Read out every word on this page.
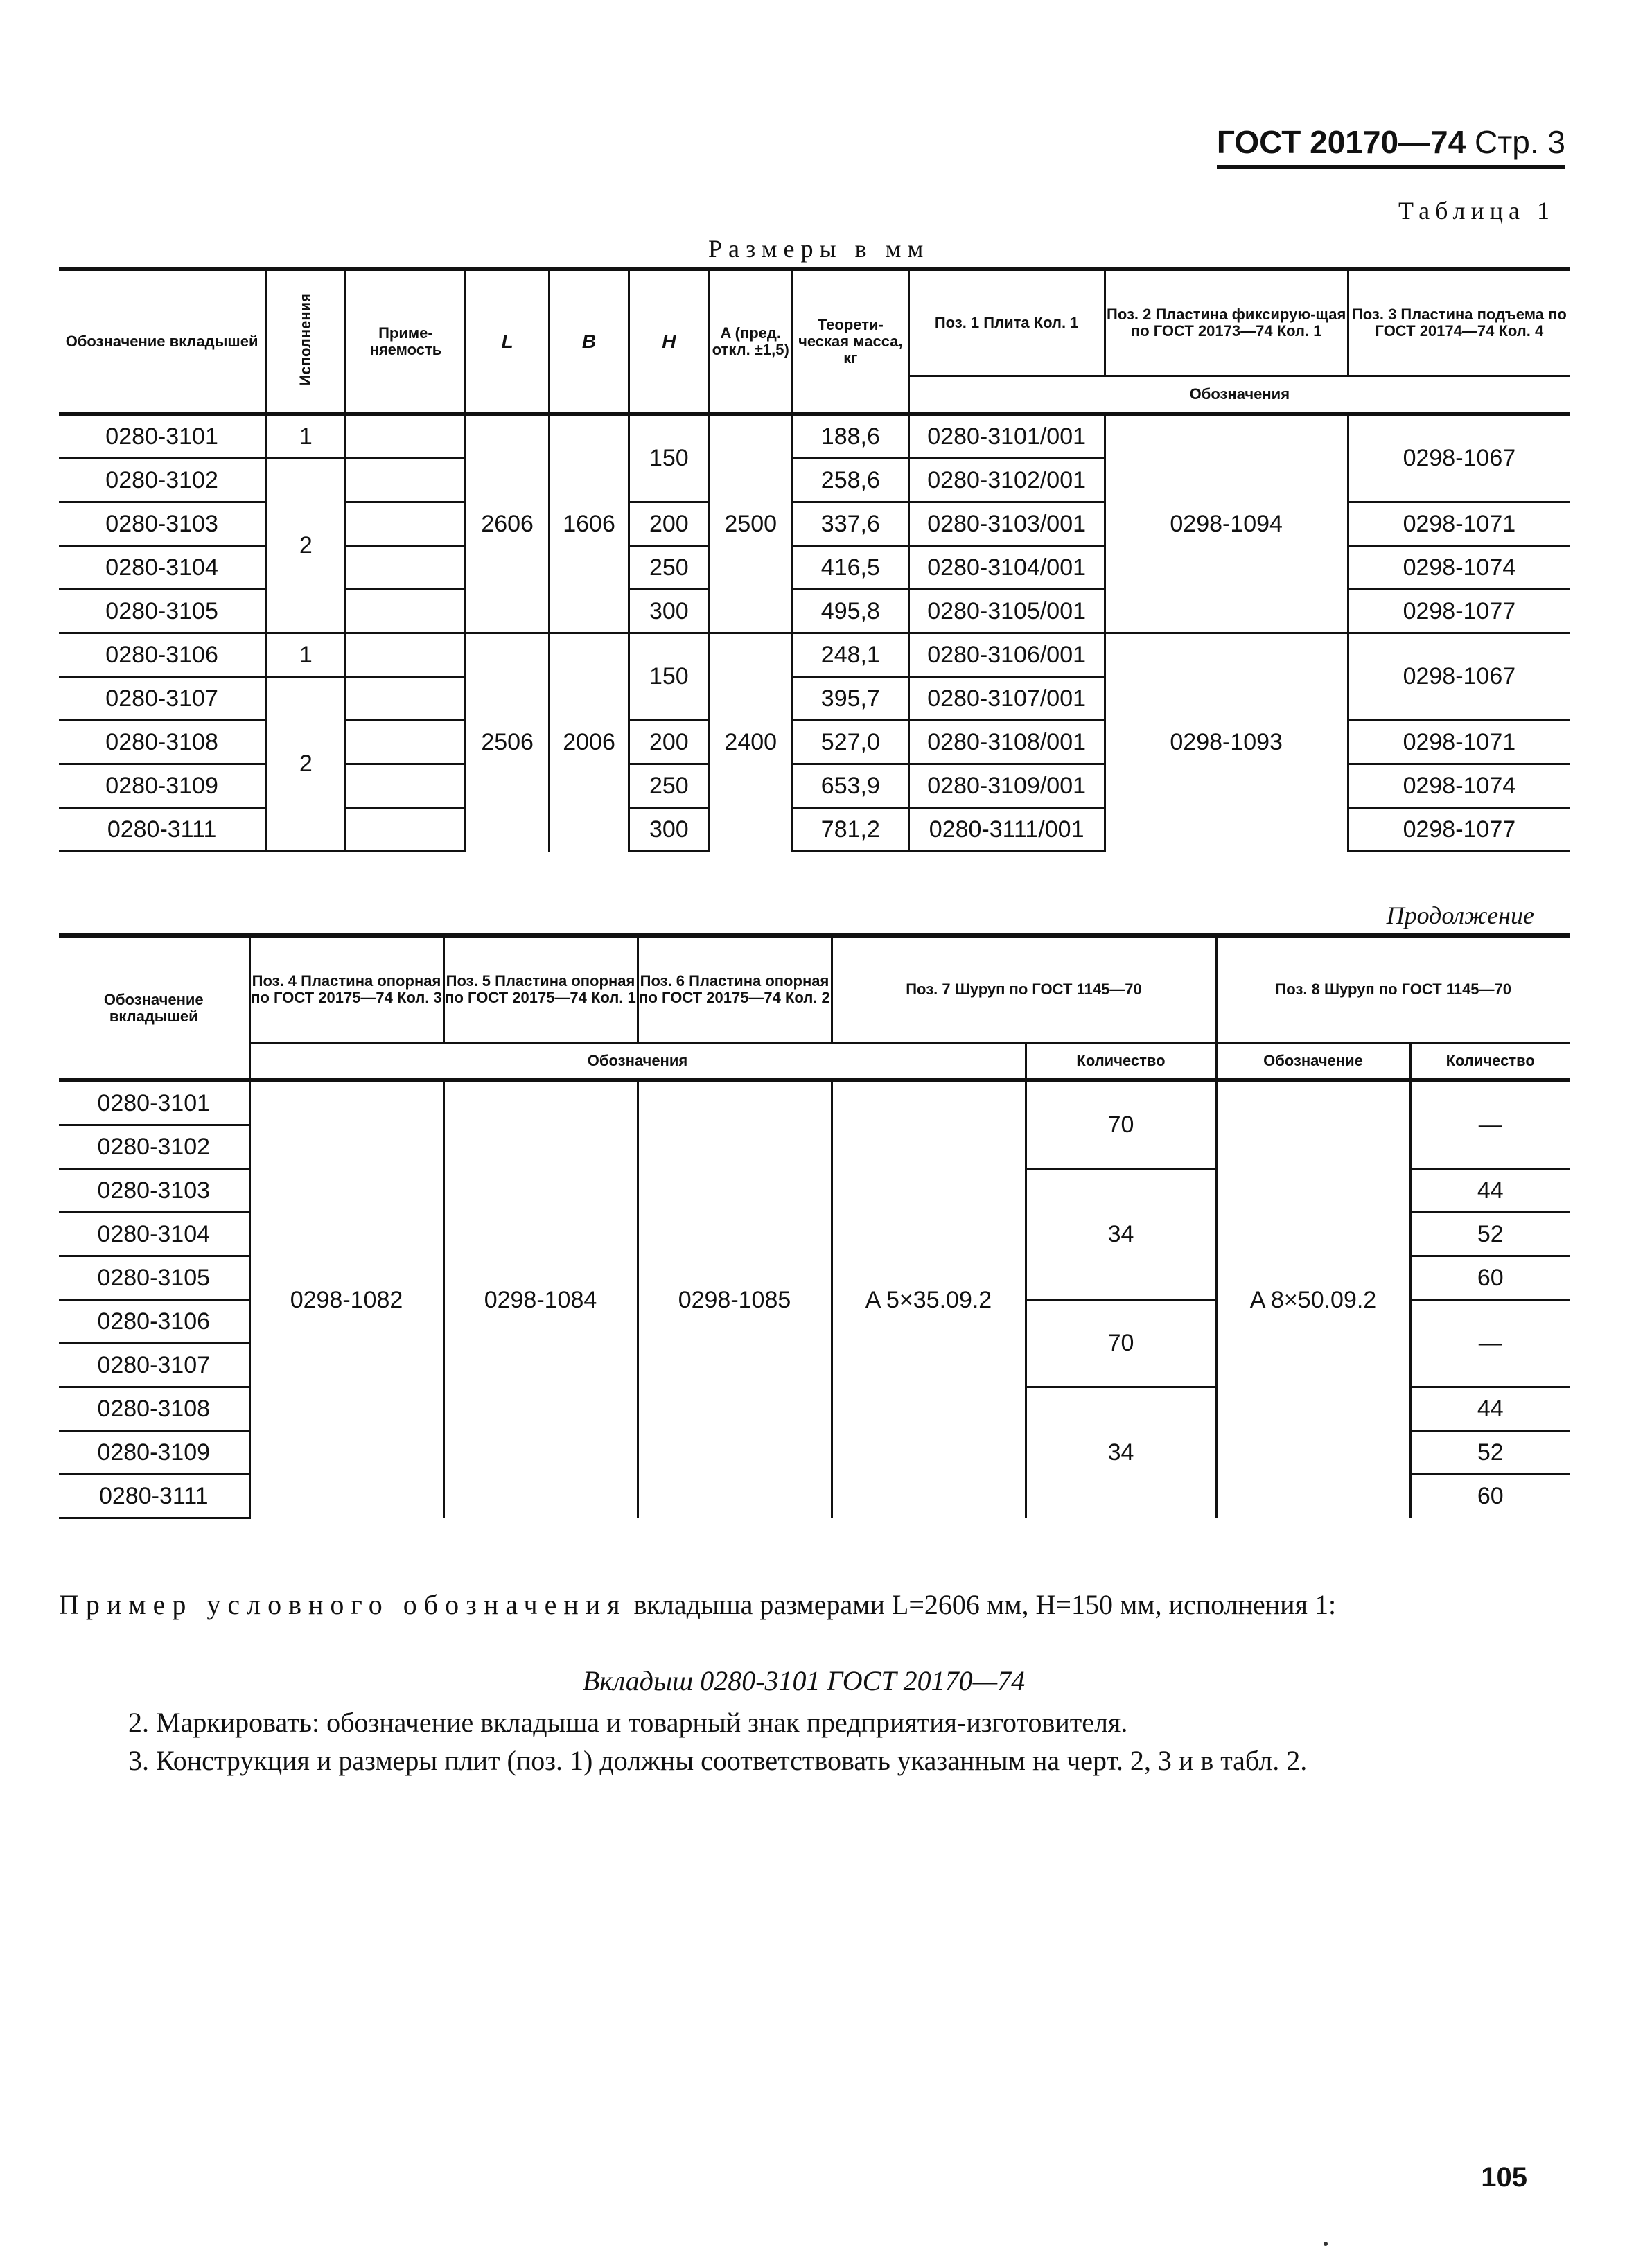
ГОСТ 20170—74 Стр. 3
Таблица 1
Размеры в мм
Обозначение вкладышей	Исполнения	Приме-няемость	L	B	H	A (пред. откл. ±1,5)	Теорети-ческая масса, кг	Поз. 1 Плита Кол. 1	Поз. 2 Пластина фиксирую-щая по ГОСТ 20173—74 Кол. 1	Поз. 3 Пластина подъема по ГОСТ 20174—74 Кол. 4
								Обозначения		
0280-3101	1		2606	1606	150	2500	188,6	0280-3101/001	0298-1094	0298-1067
0280-3102	2						258,6	0280-3102/001		
0280-3103					200		337,6	0280-3103/001		0298-1071
0280-3104					250		416,5	0280-3104/001		0298-1074
0280-3105					300		495,8	0280-3105/001		0298-1077
0280-3106	1		2506	2006	150	2400	248,1	0280-3106/001	0298-1093	0298-1067
0280-3107	2						395,7	0280-3107/001		
0280-3108					200		527,0	0280-3108/001		0298-1071
0280-3109					250		653,9	0280-3109/001		0298-1074
0280-3111					300		781,2	0280-3111/001		0298-1077
Продолжение
Обозначение вкладышей	Поз. 4 Пластина опорная по ГОСТ 20175—74 Кол. 3	Поз. 5 Пластина опорная по ГОСТ 20175—74 Кол. 1	Поз. 6 Пластина опорная по ГОСТ 20175—74 Кол. 2	Поз. 7 Шуруп по ГОСТ 1145—70		Поз. 8 Шуруп по ГОСТ 1145—70	
	Обозначения				Количество	Обозначение	Количество
0280-3101	0298-1082	0298-1084	0298-1085	A 5×35.09.2	70	A 8×50.09.2	—
0280-3102							
0280-3103					34		44
0280-3104							52
0280-3105							60
0280-3106					70		—
0280-3107							
0280-3108					34		44
0280-3109							52
0280-3111							60
Пример условного обозначения вкладыша размерами L=2606 мм, H=150 мм, исполнения 1:
Вкладыш 0280-3101 ГОСТ 20170—74
2. Маркировать: обозначение вкладыша и товарный знак предприятия-изготовителя.
3. Конструкция и размеры плит (поз. 1) должны соответствовать указанным на черт. 2, 3 и в табл. 2.
105
